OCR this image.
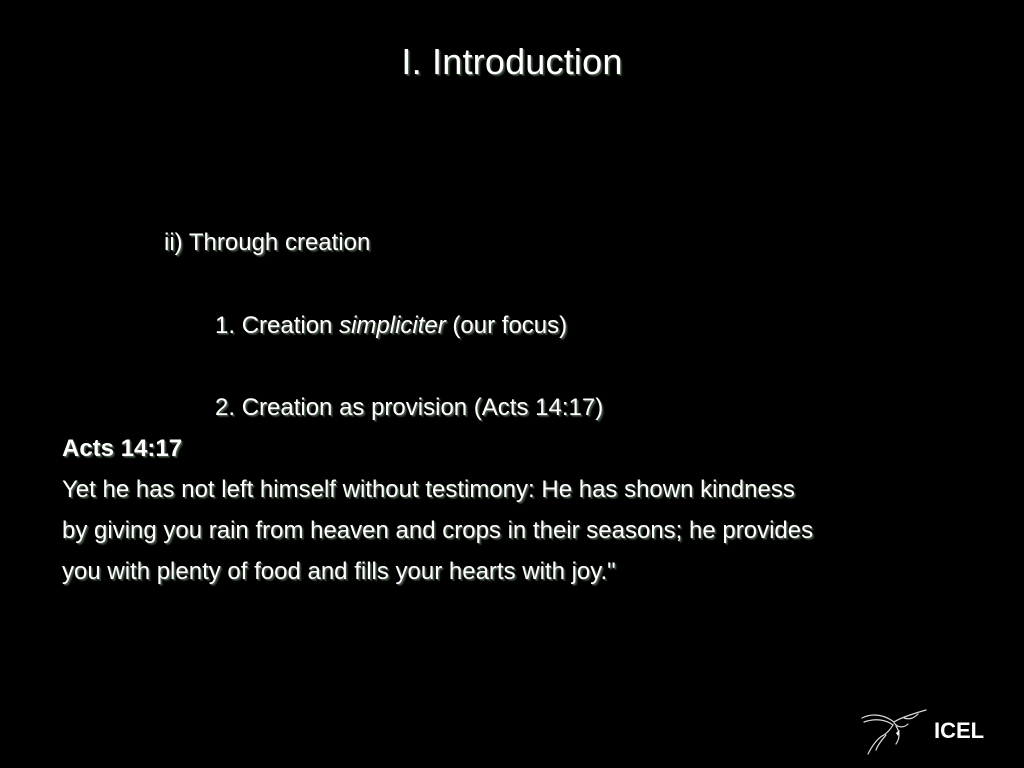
I. Introduction
ii) Through creation
1. Creation simpliciter (our focus)
2. Creation as provision (Acts 14:17)
Acts 14:17
Yet he has not left himself without testimony: He has shown kindness
by giving you rain from heaven and crops in their seasons; he provides
you with plenty of food and fills your hearts with joy."
ICEL
